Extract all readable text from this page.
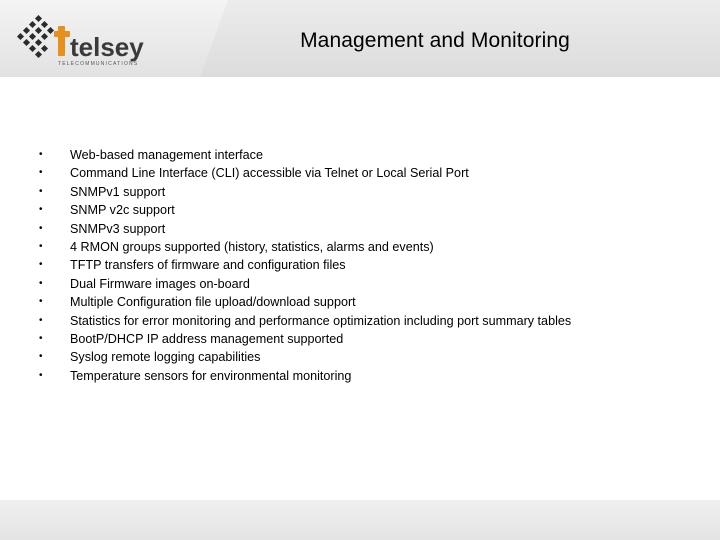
telsey
TELECOMMUNICATIONS
Management and Monitoring
• Web-based management interface
• Command Line Interface (CLI) accessible via Telnet or Local Serial Port
• SNMPv1 support
• SNMP v2c support
• SNMPv3 support
• 4 RMON groups supported (history, statistics, alarms and events)
• TFTP transfers of firmware and configuration files
• Dual Firmware images on-board
• Multiple Configuration file upload/download support
• Statistics for error monitoring and performance optimization including port summary tables
• BootP/DHCP IP address management supported
• Syslog remote logging capabilities
• Temperature sensors for environmental monitoring
